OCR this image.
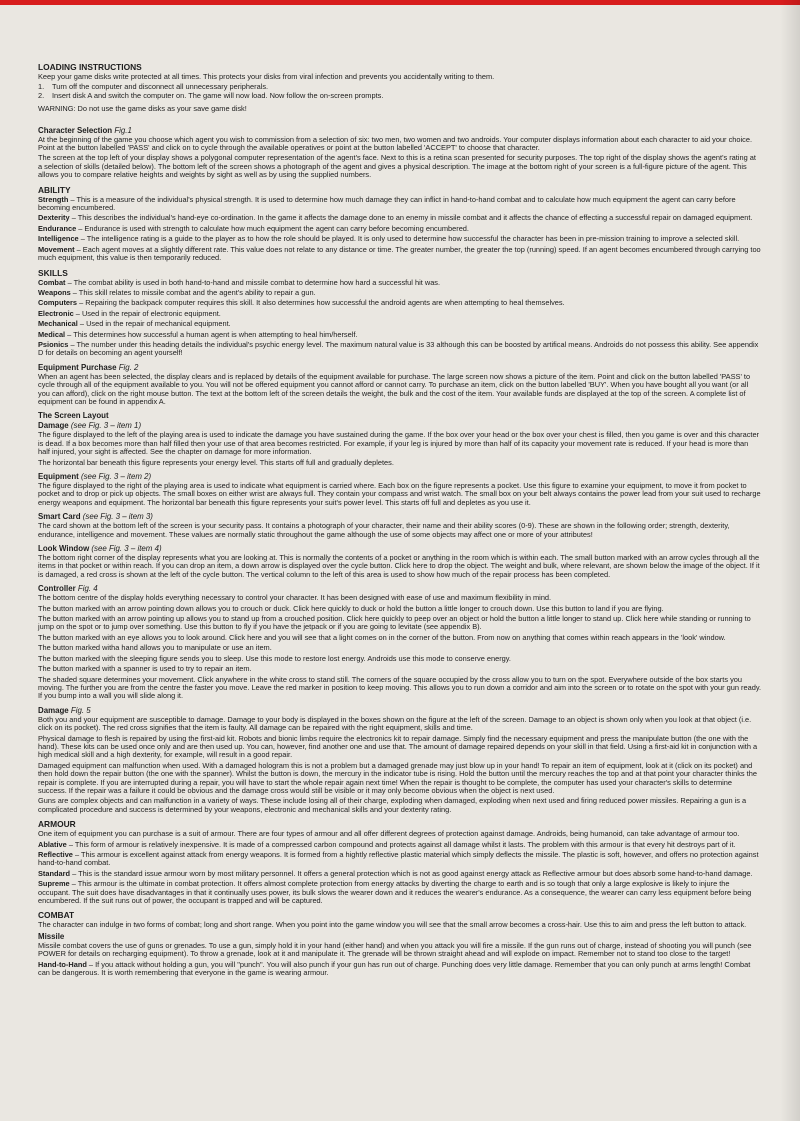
LOADING INSTRUCTIONS
Keep your game disks write protected at all times. This protects your disks from viral infection and prevents you accidentally writing to them.
1.	Turn off the computer and disconnect all unnecessary peripherals.
2.	Insert disk A and switch the computer on. The game will now load. Now follow the on-screen prompts.
WARNING: Do not use the game disks as your save game disk!
Character Selection Fig.1
At the beginning of the game you choose which agent you wish to commission from a selection of six: two men, two women and two androids. Your computer displays information about each character to aid your choice. Point at the button labelled 'PASS' and click on to cycle through the available operatives or point at the button labelled 'ACCEPT' to choose that character.
The screen at the top left of your display shows a polygonal computer representation of the agent's face. Next to this is a retina scan presented for security purposes. The top right of the display shows the agent's rating at a selection of skills (detailed below). The bottom left of the screen shows a photograph of the agent and gives a physical description. The image at the bottom right of your screen is a full-figure picture of the agent. This allows you to compare relative heights and weights by sight as well as by using the supplied numbers.
ABILITY
Strength – This is a measure of the individual's physical strength. It is used to determine how much damage they can inflict in hand-to-hand combat and to calculate how much equipment the agent can carry before becoming encumbered.
Dexterity – This describes the individual's hand-eye co-ordination. In the game it affects the damage done to an enemy in missile combat and it affects the chance of effecting a successful repair on damaged equipment.
Endurance – Endurance is used with strength to calculate how much equipment the agent can carry before becoming encumbered.
Intelligence – The intelligence rating is a guide to the player as to how the role should be played. It is only used to determine how successful the character has been in pre-mission training to improve a selected skill.
Movement – Each agent moves at a slightly different rate. This value does not relate to any distance or time. The greater number, the greater the top (running) speed. If an agent becomes encumbered through carrying too much equipment, this value is then temporarily reduced.
SKILLS
Combat – The combat ability is used in both hand-to-hand and missile combat to determine how hard a successful hit was.
Weapons – This skill relates to missile combat and the agent's ability to repair a gun.
Computers – Repairing the backpack computer requires this skill. It also determines how successful the android agents are when attempting to heal themselves.
Electronic – Used in the repair of electronic equipment.
Mechanical – Used in the repair of mechanical equipment.
Medical – This determines how successful a human agent is when attempting to heal him/herself.
Psionics – The number under this heading details the individual's psychic energy level. The maximum natural value is 33 although this can be boosted by artifical means. Androids do not possess this ability. See appendix D for details on becoming an agent yourself!
Equipment Purchase Fig. 2
When an agent has been selected, the display clears and is replaced by details of the equipment available for purchase. The large screen now shows a picture of the item. Point and click on the button labelled 'PASS' to cycle through all of the equipment available to you. You will not be offered equipment you cannot afford or cannot carry. To purchase an item, click on the button labelled 'BUY'. When you have bought all you want (or all you can afford), click on the right mouse button. The text at the bottom left of the screen details the weight, the bulk and the cost of the item. Your available funds are displayed at the top of the screen. A complete list of equipment can be found in appendix A.
The Screen Layout
Damage (see Fig. 3 – item 1)
The figure displayed to the left of the playing area is used to indicate the damage you have sustained during the game. If the box over your head or the box over your chest is filled, then you game is over and this character is dead. If a box becomes more than half filled then your use of that area becomes restricted. For example, if your leg is injured by more than half of its capacity your movement rate is reduced. If your head is more than half injured, your sight is affected. See the chapter on damage for more information.
The horizontal bar beneath this figure represents your energy level. This starts off full and gradually depletes.
Equipment (see Fig. 3 – item 2)
The figure displayed to the right of the playing area is used to indicate what equipment is carried where. Each box on the figure represents a pocket. Use this figure to examine your equipment, to move it from pocket to pocket and to drop or pick up objects. The small boxes on either wrist are always full. They contain your compass and wrist watch. The small box on your belt always contains the power lead from your suit used to recharge energy weapons and equipment. The horizontal bar beneath this figure represents your suit's power level. This starts off full and depletes as you use it.
Smart Card (see Fig. 3 – item 3)
The card shown at the bottom left of the screen is your security pass. It contains a photograph of your character, their name and their ability scores (0-9). These are shown in the following order; strength, dexterity, endurance, intelligence and movement. These values are normally static throughout the game although the use of some objects may affect one or more of your attributes!
Look Window (see Fig. 3 – item 4)
The bottom right corner of the display represents what you are looking at. This is normally the contents of a pocket or anything in the room which is within each. The small button marked with an arrow cycles through all the items in that pocket or within reach. If you can drop an item, a down arrow is displayed over the cycle button. Click here to drop the object. The weight and bulk, where relevant, are shown below the image of the object. If it is damaged, a red cross is shown at the left of the cycle button. The vertical column to the left of this area is used to show how much of the repair process has been completed.
Controller Fig. 4
The bottom centre of the display holds everything necessary to control your character. It has been designed with ease of use and maximum flexibility in mind.
The button marked with an arrow pointing down allows you to crouch or duck. Click here quickly to duck or hold the button a little longer to crouch down. Use this button to land if you are flying.
The button marked with an arrow pointing up allows you to stand up from a crouched position. Click here quickly to peep over an object or hold the button a little longer to stand up. Click here while standing or running to jump on the spot or to jump over something. Use this button to fly if you have the jetpack or if you are going to levitate (see appendix B).
The button marked with an eye allows you to look around. Click here and you will see that a light comes on in the corner of the button. From now on anything that comes within reach appears in the 'look' window.
The button marked witha hand allows you to manipulate or use an item.
The button marked with the sleeping figure sends you to sleep. Use this mode to restore lost energy. Androids use this mode to conserve energy.
The button marked with a spanner is used to try to repair an item.
The shaded square determines your movement. Click anywhere in the white cross to stand still. The corners of the square occupied by the cross allow you to turn on the spot. Everywhere outside of the box starts you moving. The further you are from the centre the faster you move. Leave the red marker in position to keep moving. This allows you to run down a corridor and aim into the screen or to rotate on the spot with your gun ready. If you bump into a wall you will slide along it.
Damage Fig. 5
Both you and your equipment are susceptible to damage. Damage to your body is displayed in the boxes shown on the figure at the left of the screen. Damage to an object is shown only when you look at that object (i.e. click on its pocket). The red cross signifies that the item is faulty. All damage can be repaired with the right equipment, skills and time.
Physical damage to flesh is repaired by using the first-aid kit. Robots and bionic limbs require the electronics kit to repair damage. Simply find the necessary equipment and press the manipulate button (the one with the hand). These kits can be used once only and are then used up. You can, however, find another one and use that. The amount of damage repaired depends on your skill in that field. Using a first-aid kit in conjunction with a high medical skill and a high dexterity, for example, will result in a good repair.
Damaged equipment can malfunction when used. With a damaged hologram this is not a problem but a damaged grenade may just blow up in your hand! To repair an item of equipment, look at it (click on its pocket) and then hold down the repair button (the one with the spanner). Whilst the button is down, the mercury in the indicator tube is rising. Hold the button until the mercury reaches the top and at that point your character thinks the repair is complete. If you are interrupted during a repair, you will have to start the whole repair again next time! When the repair is thought to be complete, the computer has used your character's skills to determine success. If the repair was a failure it could be obvious and the damage cross would still be visible or it may only become obvious when the object is next used.
Guns are complex objects and can malfunction in a variety of ways. These include losing all of their charge, exploding when damaged, exploding when next used and firing reduced power missiles. Repairing a gun is a complicated procedure and success is determined by your weapons, electronic and mechanical skills and your dexterity rating.
ARMOUR
One item of equipment you can purchase is a suit of armour. There are four types of armour and all offer different degrees of protection against damage. Androids, being humanoid, can take advantage of armour too.
Ablative – This form of armour is relatively inexpensive. It is made of a compressed carbon compound and protects against all damage whilst it lasts. The problem with this armour is that every hit destroys part of it.
Reflective – This armour is excellent against attack from energy weapons. It is formed from a hightly reflective plastic material which simply deflects the missile. The plastic is soft, however, and offers no protection against hand-to-hand combat.
Standard – This is the standard issue armour worn by most military personnel. It offers a general protection which is not as good against energy attack as Reflective armour but does absorb some hand-to-hand damage.
Supreme – This armour is the ultimate in combat protection. It offers almost complete protection from energy attacks by diverting the charge to earth and is so tough that only a large explosive is likely to injure the occupant. The suit does have disadvantages in that it continually uses power, its bulk slows the wearer down and it reduces the wearer's endurance. As a consequence, the wearer can carry less equipment before being encumbered. If the suit runs out of power, the occupant is trapped and will be captured.
COMBAT
The character can indulge in two forms of combat; long and short range. When you point into the game window you will see that the small arrow becomes a cross-hair. Use this to aim and press the left button to attack.
Missile
Missile combat covers the use of guns or grenades. To use a gun, simply hold it in your hand (either hand) and when you attack you will fire a missile. If the gun runs out of charge, instead of shooting you will punch (see POWER for details on recharging equipment). To throw a grenade, look at it and manipulate it. The grenade will be thrown straight ahead and will explode on impact. Remember not to stand too close to the target!
Hand-to-Hand – If you attack without holding a gun, you will "punch". You will also punch if your gun has run out of charge. Punching does very little damage. Remember that you can only punch at arms length! Combat can be dangerous. It is worth remembering that everyone in the game is wearing armour.
